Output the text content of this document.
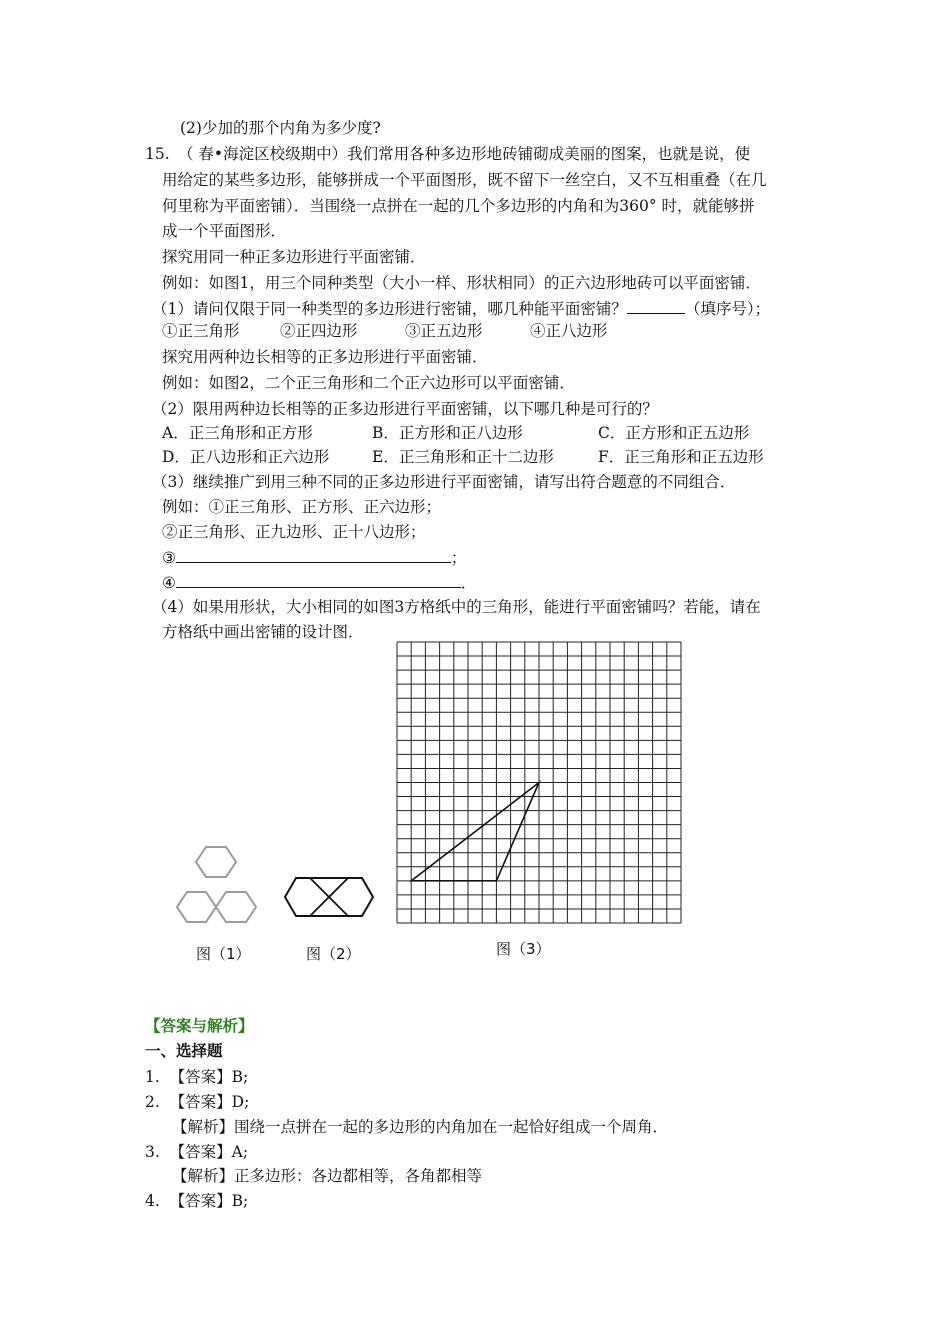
(2)少加的那个内角为多少度?
15. （ 春•海淀区校级期中）我们常用各种多边形地砖铺砌成美丽的图案，也就是说，使
用给定的某些多边形，能够拼成一个平面图形，既不留下一丝空白，又不互相重叠（在几
何里称为平面密铺）．当围绕一点拼在一起的几个多边形的内角和为360° 时，就能够拼
成一个平面图形．
探究用同一种正多边形进行平面密铺．
例如：如图1，用三个同种类型（大小一样、形状相同）的正六边形地砖可以平面密铺．
（1）请问仅限于同一种类型的多边形进行密铺，哪几种能平面密铺？	（填序号）；
①正三角形	②正四边形	③正五边形	④正八边形
探究用两种边长相等的正多边形进行平面密铺．
例如：如图2，二个正三角形和二个正六边形可以平面密铺．
（2）限用两种边长相等的正多边形进行平面密铺，以下哪几种是可行的？
A．正三角形和正方形	B．正方形和正八边形	C．正方形和正五边形
D．正八边形和正六边形	E．正三角形和正十二边形	F．正三角形和正五边形
（3）继续推广到用三种不同的正多边形进行平面密铺，请写出符合题意的不同组合．
例如：①正三角形、正方形、正六边形；
②正三角形、正九边形、正十八边形；
③	；
④	．
（4）如果用形状，大小相同的如图3方格纸中的三角形，能进行平面密铺吗？若能，请在
方格纸中画出密铺的设计图．
图（1）	图（2）	图（3）
【答案与解析】
一、选择题
1. 【答案】B;
2. 【答案】D;
【解析】围绕一点拼在一起的多边形的内角加在一起恰好组成一个周角．
3. 【答案】A;
【解析】正多边形：各边都相等，各角都相等
4. 【答案】B;
